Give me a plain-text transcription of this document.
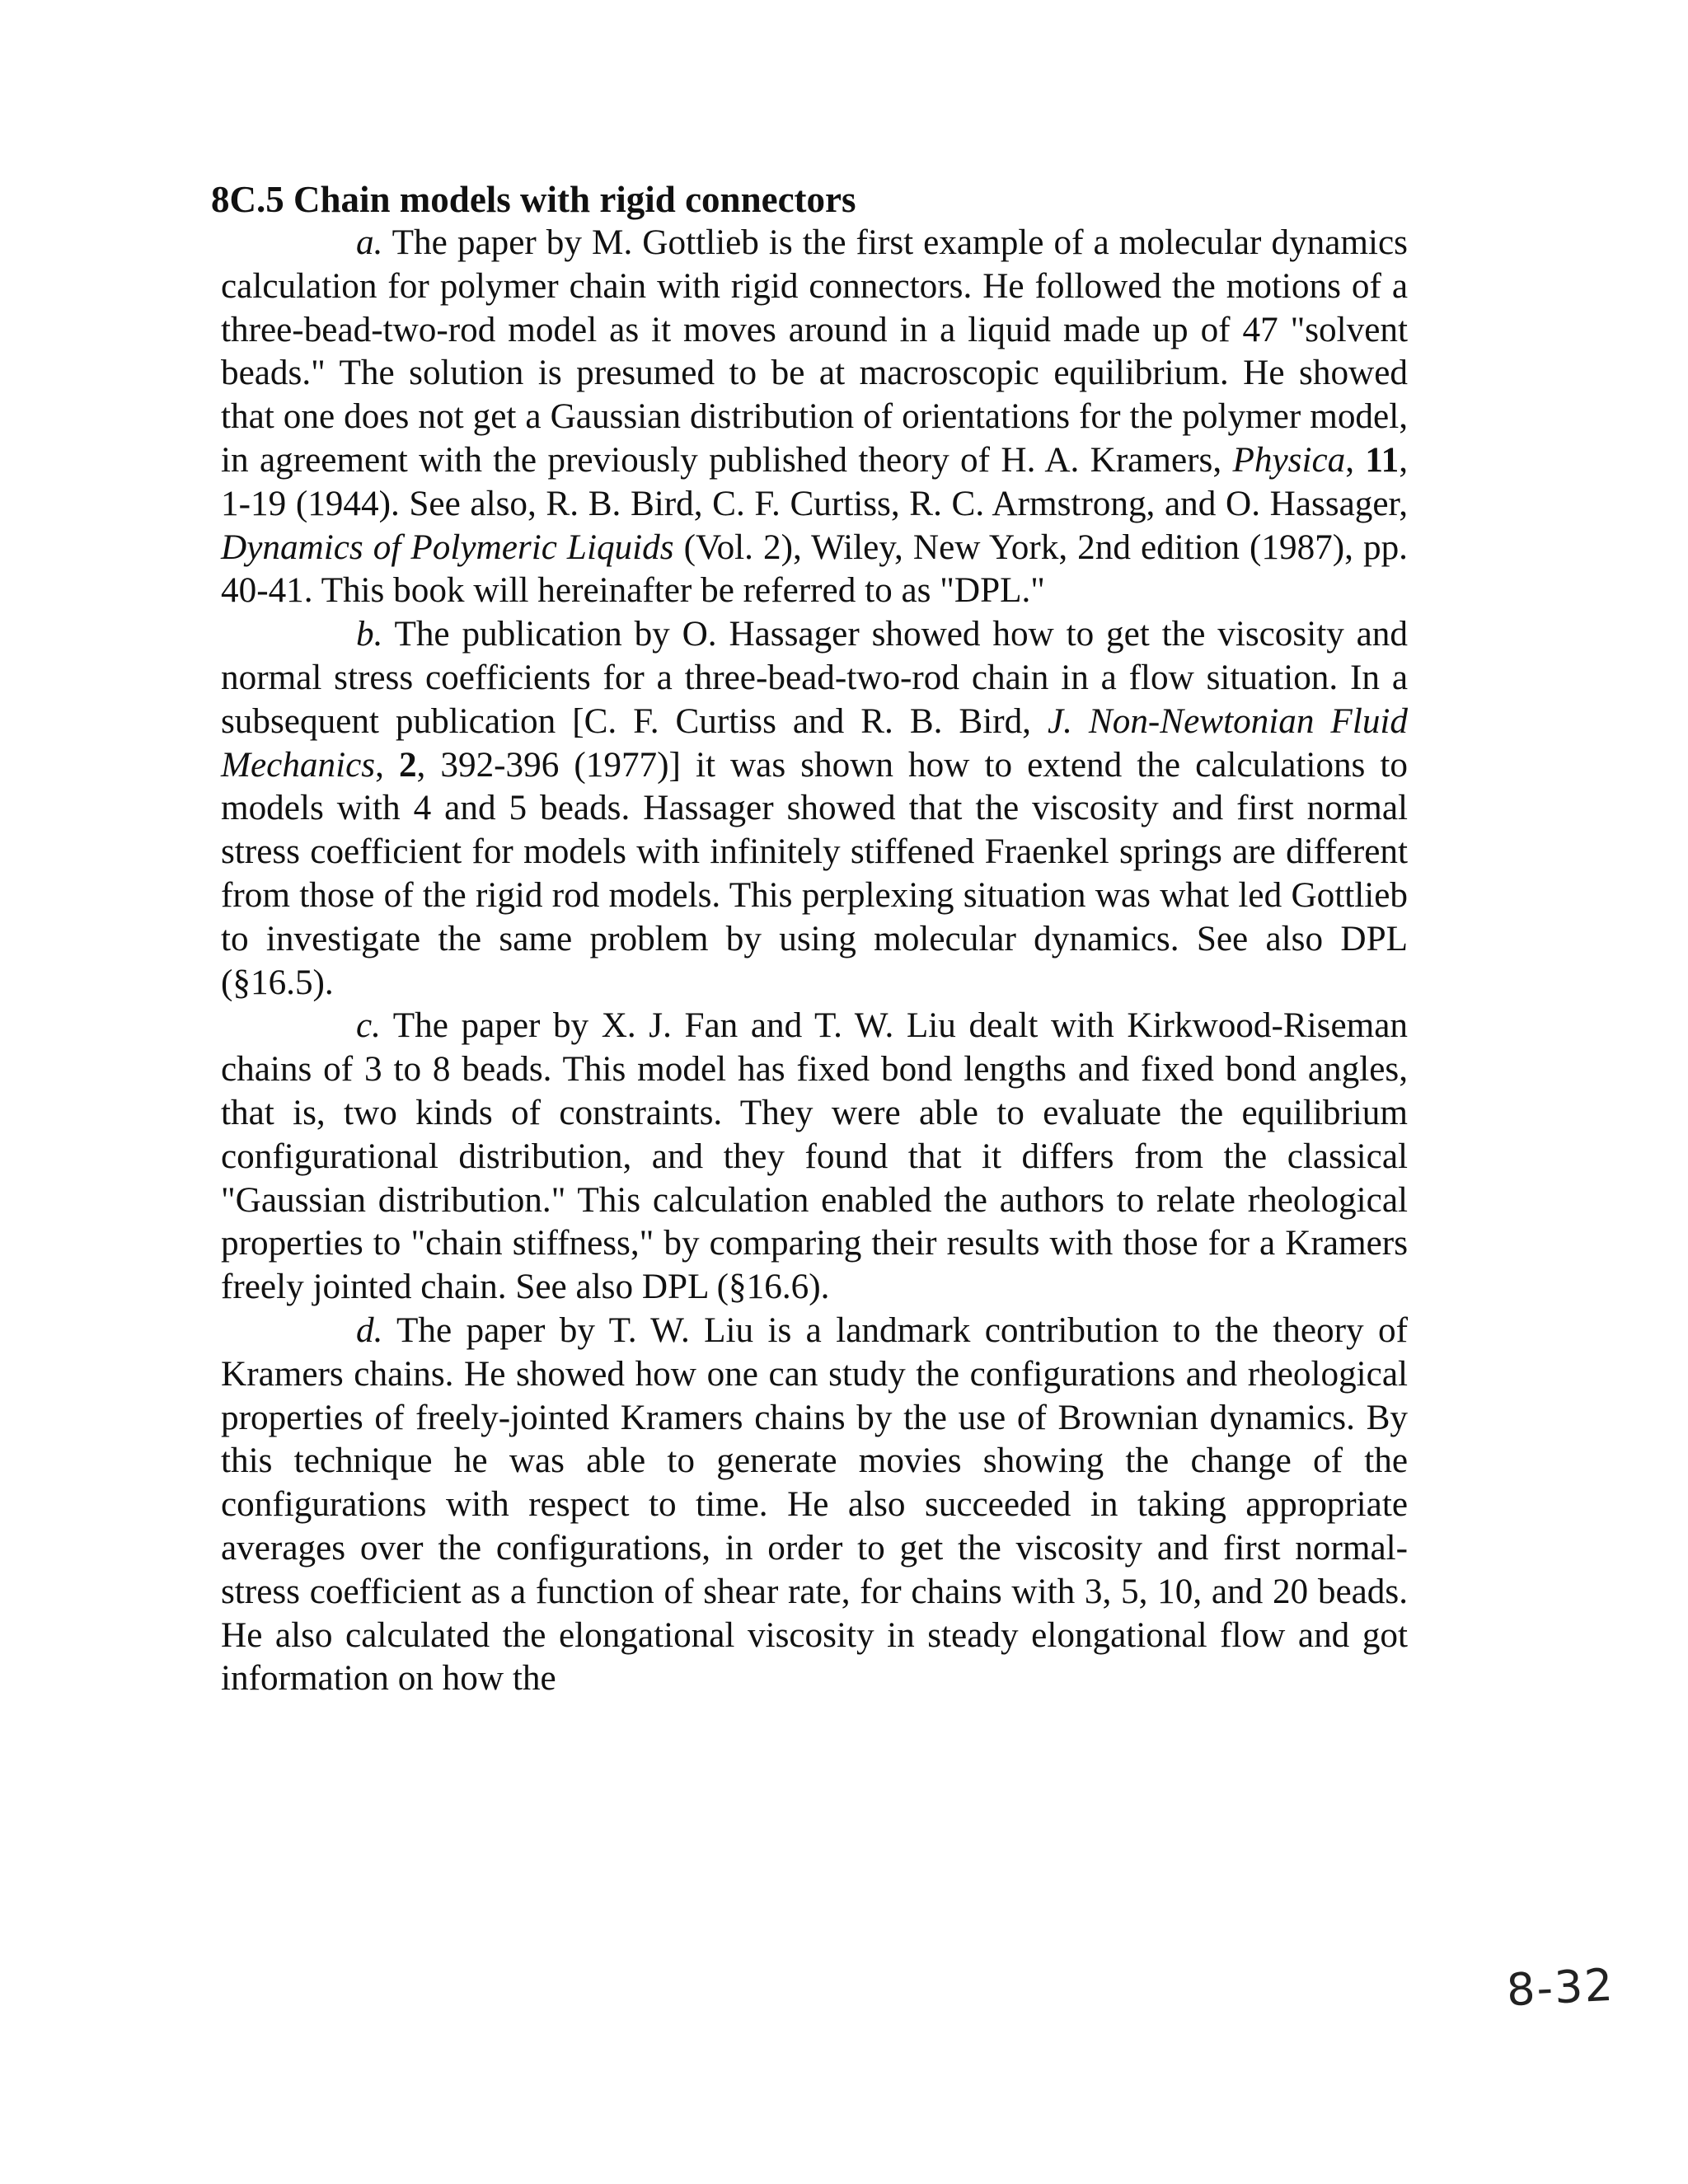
8C.5 Chain models with rigid connectors

a. The paper by M. Gottlieb is the first example of a molecular dynamics calculation for polymer chain with rigid connectors. He followed the motions of a three-bead-two-rod model as it moves around in a liquid made up of 47 "solvent beads." The solution is presumed to be at macroscopic equilibrium. He showed that one does not get a Gaussian distribution of orientations for the polymer model, in agreement with the previously published theory of H. A. Kramers, Physica, 11, 1-19 (1944). See also, R. B. Bird, C. F. Curtiss, R. C. Armstrong, and O. Hassager, Dynamics of Polymeric Liquids (Vol. 2), Wiley, New York, 2nd edition (1987), pp. 40-41. This book will hereinafter be referred to as "DPL."

b. The publication by O. Hassager showed how to get the viscosity and normal stress coefficients for a three-bead-two-rod chain in a flow situation. In a subsequent publication [C. F. Curtiss and R. B. Bird, J. Non-Newtonian Fluid Mechanics, 2, 392-396 (1977)] it was shown how to extend the calculations to models with 4 and 5 beads. Hassager showed that the viscosity and first normal stress coefficient for models with infinitely stiffened Fraenkel springs are different from those of the rigid rod models. This perplexing situation was what led Gottlieb to investigate the same problem by using molecular dynamics. See also DPL (§16.5).

c. The paper by X. J. Fan and T. W. Liu dealt with Kirkwood-Riseman chains of 3 to 8 beads. This model has fixed bond lengths and fixed bond angles, that is, two kinds of constraints. They were able to evaluate the equilibrium configurational distribution, and they found that it differs from the classical "Gaussian distribution." This calculation enabled the authors to relate rheological properties to "chain stiffness," by comparing their results with those for a Kramers freely jointed chain. See also DPL (§16.6).

d. The paper by T. W. Liu is a landmark contribution to the theory of Kramers chains. He showed how one can study the configurations and rheological properties of freely-jointed Kramers chains by the use of Brownian dynamics. By this technique he was able to generate movies showing the change of the configurations with respect to time. He also succeeded in taking appropriate averages over the configurations, in order to get the viscosity and first normal-stress coefficient as a function of shear rate, for chains with 3, 5, 10, and 20 beads. He also calculated the elongational viscosity in steady elongational flow and got information on how the

8-32
